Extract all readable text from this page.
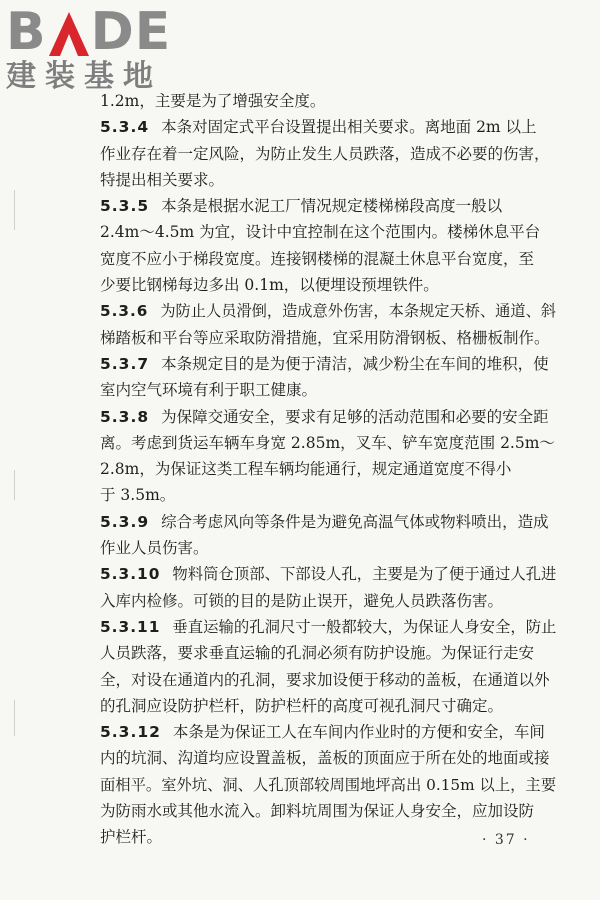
B DE
建装基地
1.2m，主要是为了增强安全度。
5.3.4 本条对固定式平台设置提出相关要求。离地面 2m 以上
作业存在着一定风险，为防止发生人员跌落，造成不必要的伤害，
特提出相关要求。
5.3.5 本条是根据水泥工厂情况规定楼梯梯段高度一般以
2.4m～4.5m 为宜，设计中宜控制在这个范围内。楼梯休息平台
宽度不应小于梯段宽度。连接钢楼梯的混凝土休息平台宽度，至
少要比钢梯每边多出 0.1m，以便埋设预埋铁件。
5.3.6 为防止人员滑倒，造成意外伤害，本条规定天桥、通道、斜
梯踏板和平台等应采取防滑措施，宜采用防滑钢板、格栅板制作。
5.3.7 本条规定目的是为便于清洁，减少粉尘在车间的堆积，使
室内空气环境有利于职工健康。
5.3.8 为保障交通安全，要求有足够的活动范围和必要的安全距
离。考虑到货运车辆车身宽 2.85m，叉车、铲车宽度范围 2.5m～
2.8m，为保证这类工程车辆均能通行，规定通道宽度不得小
于 3.5m。
5.3.9 综合考虑风向等条件是为避免高温气体或物料喷出，造成
作业人员伤害。
5.3.10 物料筒仓顶部、下部设人孔，主要是为了便于通过人孔进
入库内检修。可锁的目的是防止误开，避免人员跌落伤害。
5.3.11 垂直运输的孔洞尺寸一般都较大，为保证人身安全，防止
人员跌落，要求垂直运输的孔洞必须有防护设施。为保证行走安
全，对设在通道内的孔洞，要求加设便于移动的盖板，在通道以外
的孔洞应设防护栏杆，防护栏杆的高度可视孔洞尺寸确定。
5.3.12 本条是为保证工人在车间内作业时的方便和安全，车间
内的坑洞、沟道均应设置盖板，盖板的顶面应于所在处的地面或接
面相平。室外坑、洞、人孔顶部较周围地坪高出 0.15m 以上，主要
为防雨水或其他水流入。卸料坑周围为保证人身安全，应加设防
护栏杆。	· 37 ·
